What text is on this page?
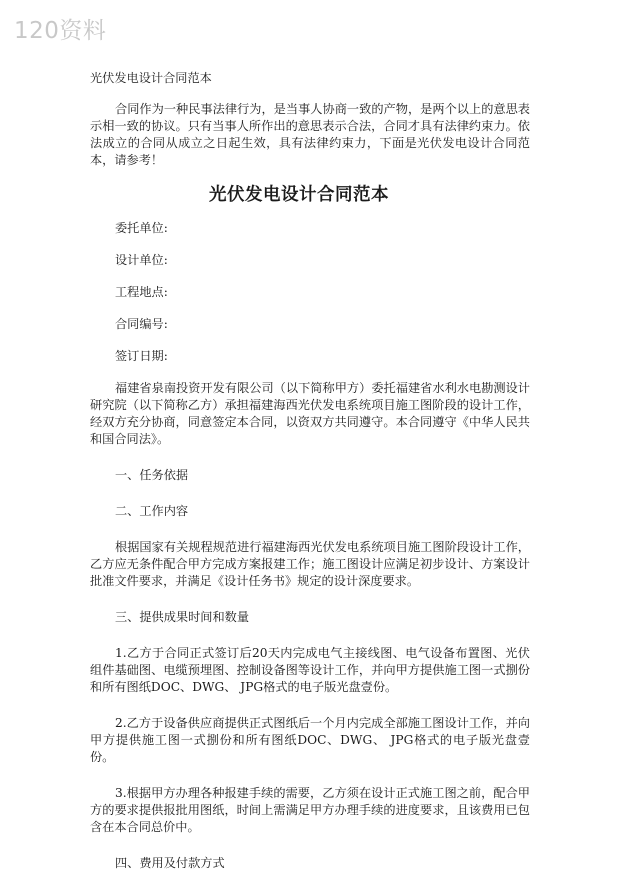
120资料

光伏发电设计合同范本

合同作为一种民事法律行为，是当事人协商一致的产物，是两个以上的意思表示相一致的协议。只有当事人所作出的意思表示合法，合同才具有法律约束力。依法成立的合同从成立之日起生效，具有法律约束力，下面是光伏发电设计合同范本，请参考！

光伏发电设计合同范本
委托单位:
设计单位:
工程地点:
合同编号:
签订日期:

福建省泉南投资开发有限公司（以下简称甲方）委托福建省水利水电勘测设计研究院（以下简称乙方）承担福建海西光伏发电系统项目施工图阶段的设计工作，经双方充分协商，同意签定本合同，以资双方共同遵守。本合同遵守《中华人民共和国合同法》。

一、任务依据
二、工作内容

根据国家有关规程规范进行福建海西光伏发电系统项目施工图阶段设计工作，乙方应无条件配合甲方完成方案报建工作；施工图设计应满足初步设计、方案设计批准文件要求，并满足《设计任务书》规定的设计深度要求。

三、提供成果时间和数量

1.乙方于合同正式签订后20天内完成电气主接线图、电气设备布置图、光伏组件基础图、电缆预埋图、控制设备图等设计工作，并向甲方提供施工图一式捌份和所有图纸DOC、DWG、 JPG格式的电子版光盘壹份。

2.乙方于设备供应商提供正式图纸后一个月内完成全部施工图设计工作，并向甲方提供施工图一式捌份和所有图纸DOC、DWG、 JPG格式的电子版光盘壹份。

3.根据甲方办理各种报建手续的需要，乙方须在设计正式施工图之前，配合甲方的要求提供报批用图纸，时间上需满足甲方办理手续的进度要求，且该费用已包含在本合同总价中。

四、费用及付款方式
